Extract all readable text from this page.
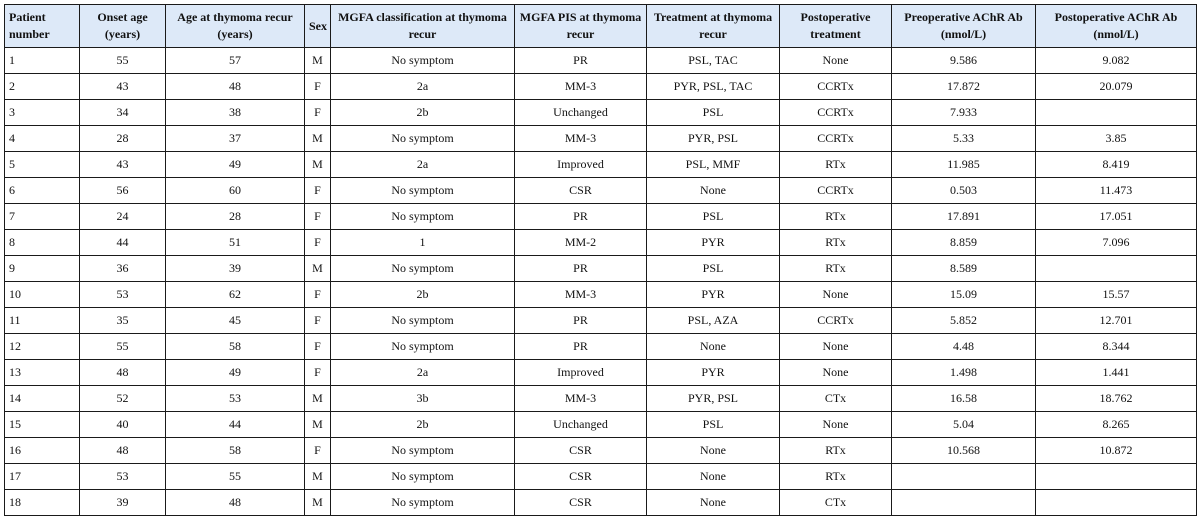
Patient number	Onset age (years)	Age at thymoma recur (years)	Sex	MGFA classification at thymoma recur	MGFA PIS at thymoma recur	Treatment at thymoma recur	Postoperative treatment	Preoperative AChR Ab (nmol/L)	Postoperative AChR Ab (nmol/L)
1	55	57	M	No symptom	PR	PSL, TAC	None	9.586	9.082
2	43	48	F	2a	MM-3	PYR, PSL, TAC	CCRTx	17.872	20.079
3	34	38	F	2b	Unchanged	PSL	CCRTx	7.933	
4	28	37	M	No symptom	MM-3	PYR, PSL	CCRTx	5.33	3.85
5	43	49	M	2a	Improved	PSL, MMF	RTx	11.985	8.419
6	56	60	F	No symptom	CSR	None	CCRTx	0.503	11.473
7	24	28	F	No symptom	PR	PSL	RTx	17.891	17.051
8	44	51	F	1	MM-2	PYR	RTx	8.859	7.096
9	36	39	M	No symptom	PR	PSL	RTx	8.589	
10	53	62	F	2b	MM-3	PYR	None	15.09	15.57
11	35	45	F	No symptom	PR	PSL, AZA	CCRTx	5.852	12.701
12	55	58	F	No symptom	PR	None	None	4.48	8.344
13	48	49	F	2a	Improved	PYR	None	1.498	1.441
14	52	53	M	3b	MM-3	PYR, PSL	CTx	16.58	18.762
15	40	44	M	2b	Unchanged	PSL	None	5.04	8.265
16	48	58	F	No symptom	CSR	None	RTx	10.568	10.872
17	53	55	M	No symptom	CSR	None	RTx		
18	39	48	M	No symptom	CSR	None	CTx		
